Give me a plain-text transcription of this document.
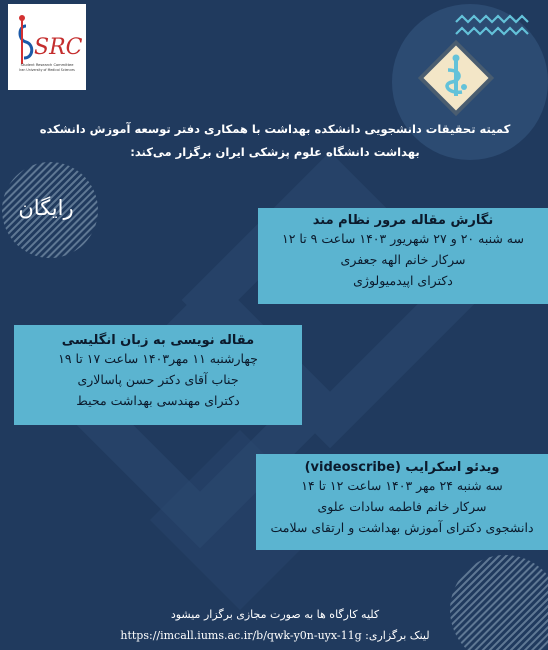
SRC
Student Research Committee
Iran University of Medical Sciences

کمیته تحقیقات دانشجویی دانشکده بهداشت با همکاری دفتر توسعه آموزش دانشکده

بهداشت دانشگاه علوم پزشکی ایران برگزار می‌کند:

رایگان
نگارش مقاله مرور نظام مند
سه شنبه ۲۰ و ۲۷ شهریور ۱۴۰۳ ساعت ۹ تا ۱۲
سرکار خانم الهه جعفری
دکترای اپیدمیولوژی
مقاله نویسی به زبان انگلیسی
چهارشنبه ۱۱ مهر۱۴۰۳ ساعت ۱۷ تا ۱۹
جناب آقای دکتر حسن پاسالاری
دکترای مهندسی بهداشت محیط
ویدئو اسکرایب (videoscribe)
سه شنبه ۲۴ مهر ۱۴۰۳ ساعت ۱۲ تا ۱۴
سرکار خانم فاطمه سادات علوی
دانشجوی دکترای آموزش بهداشت و ارتقای سلامت

کلیه کارگاه ها به صورت مجازی برگزار میشود

https://imcall.iums.ac.ir/b/qwk-y0n-uyx-11g :لینک برگزاری
